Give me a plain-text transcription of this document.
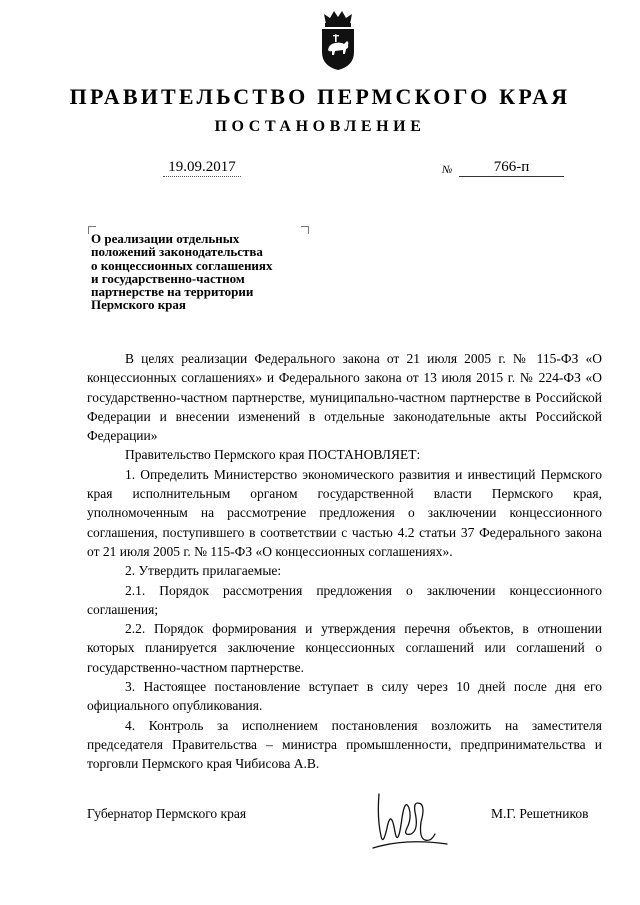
ПРАВИТЕЛЬСТВО ПЕРМСКОГО КРАЯ
ПОСТАНОВЛЕНИЕ
19.09.2017	№	766-п
О реализации отдельных
положений законодательства
о концессионных соглашениях
и государственно-частном
партнерстве на территории
Пермского края

В целях реализации Федерального закона от 21 июля 2005 г. № 115-ФЗ «О концессионных соглашениях» и Федерального закона от 13 июля 2015 г. № 224-ФЗ «О государственно-частном партнерстве, муниципально-частном партнерстве в Российской Федерации и внесении изменений в отдельные законодательные акты Российской Федерации»

Правительство Пермского края ПОСТАНОВЛЯЕТ:

1. Определить Министерство экономического развития и инвестиций Пермского края исполнительным органом государственной власти Пермского края, уполномоченным на рассмотрение предложения о заключении концессионного соглашения, поступившего в соответствии с частью 4.2 статьи 37 Федерального закона от 21 июля 2005 г. № 115-ФЗ «О концессионных соглашениях».

2. Утвердить прилагаемые:

2.1. Порядок рассмотрения предложения о заключении концессионного соглашения;

2.2. Порядок формирования и утверждения перечня объектов, в отношении которых планируется заключение концессионных соглашений или соглашений о государственно-частном партнерстве.

3. Настоящее постановление вступает в силу через 10 дней после дня его официального опубликования.

4. Контроль за исполнением постановления возложить на заместителя председателя Правительства – министра промышленности, предпринимательства и торговли Пермского края Чибисова А.В.

Губернатор Пермского края	М.Г. Решетников
